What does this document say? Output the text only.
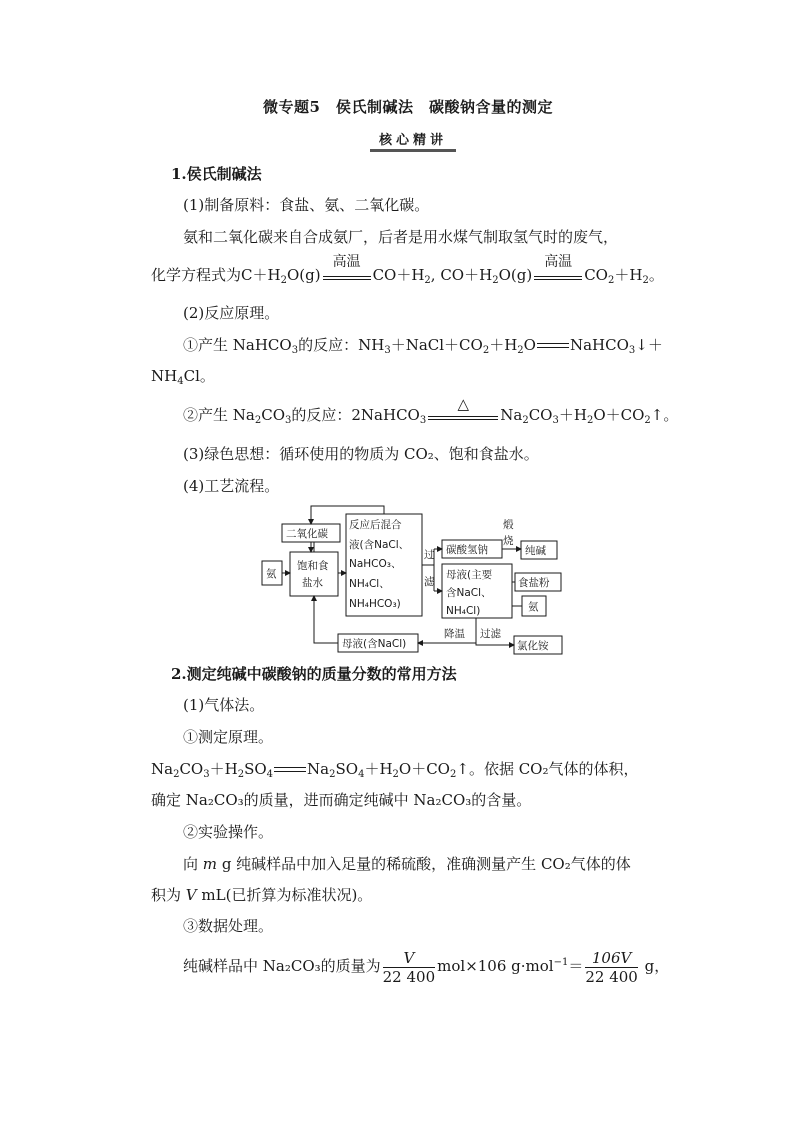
微专题5　侯氏制碱法　碳酸钠含量的测定
核心精讲
1.侯氏制碱法
(1)制备原料：食盐、氨、二氧化碳。
氨和二氧化碳来自合成氨厂，后者是用水煤气制取氢气时的废气，
化学方程式为$C+H_2O(g)$
高温
$CO+H_2$, $CO+H_2O(g)$
高温
$CO_2+H_2$。
(2)反应原理。
①产生 NaHCO$_3$的反应：$NH_3+NaCl+CO_2+H_2O$ NaHCO$_3$↓＋
$NH_4Cl$。
②产生 $Na_2CO_3$的反应：2NaHCO$_3$
△
$Na_2CO_3+H_2O+CO_2↑$。
(3)绿色思想：循环使用的物质为 CO₂、饱和食盐水。
(4)工艺流程。
二氧化碳
氨
饱和食
盐水
反应后混合
液(含NaCl、
NaHCO₃、
NH₄Cl、
NH₄HCO₃)
过
滤
碳酸氢钠
煅
烧
纯碱
母液(主要
含NaCl、
NH₄Cl)
食盐粉
氨
降温 过滤
氯化铵
母液(含NaCl)
2.测定纯碱中碳酸钠的质量分数的常用方法
(1)气体法。
①测定原理。
$Na_2CO_3+H_2SO_4$ $Na_2SO_4+H_2O+CO_2↑$。依据 CO₂气体的体积，
确定 Na₂CO₃的质量，进而确定纯碱中 Na₂CO₃的含量。
②实验操作。
向 m g 纯碱样品中加入足量的稀硫酸，准确测量产生 CO₂气体的体
积为 V mL(已折算为标准状况)。
③数据处理。
纯碱样品中 Na₂CO₃的质量为 $\frac{V}{22 400} mol\times 106$ $g\cdot mol^{-1}= \frac{106V}{22 400}$ g，
